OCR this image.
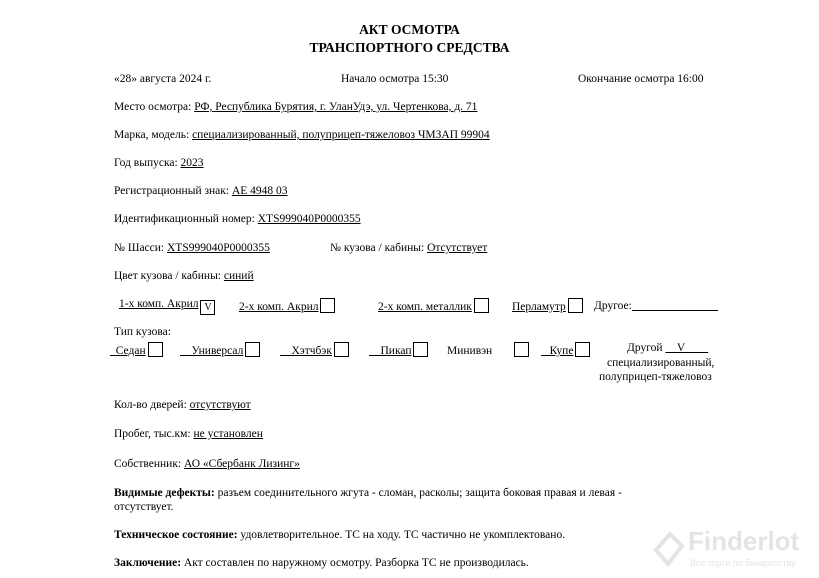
АКТ ОСМОТРА
ТРАНСПОРТНОГО СРЕДСТВА
«28» августа 2024 г.	Начало осмотра 15:30	Окончание осмотра 16:00
Место осмотра: РФ, Республика Бурятия, г. УланУдэ, ул. Чертенкова, д. 71
Марка, модель: специализированный, полуприцеп-тяжеловоз ЧМЗАП 99904
Год выпуска: 2023
Регистрационный знак: АЕ 4948 03
Идентификационный номер: XTS999040P0000355
№ Шасси: XTS999040P0000355	№ кузова / кабины: Отсутствует
Цвет кузова / кабины: синий
1-х комп. Акрил V	2-х комп. Акрил	2-х комп. металлик	Перламутр	Другое:
Тип кузова:
Седан	Универсал	Хэтчбэк	Пикап	Минивэн	Купе	Другой V
специализированный,
полуприцеп-тяжеловоз
Кол-во дверей: отсутствуют
Пробег, тыс.км: не установлен
Собственник: АО «Сбербанк Лизинг»
Видимые дефекты: разъем соединительного жгута - сломан, расколы; защита боковая правая и левая -
отсутствует.
Техническое состояние: удовлетворительное. ТС на ходу. ТС частично не укомплектовано.
Заключение: Акт составлен по наружному осмотру. Разборка ТС не производилась.
Finderlot
Все торги по банкротству
